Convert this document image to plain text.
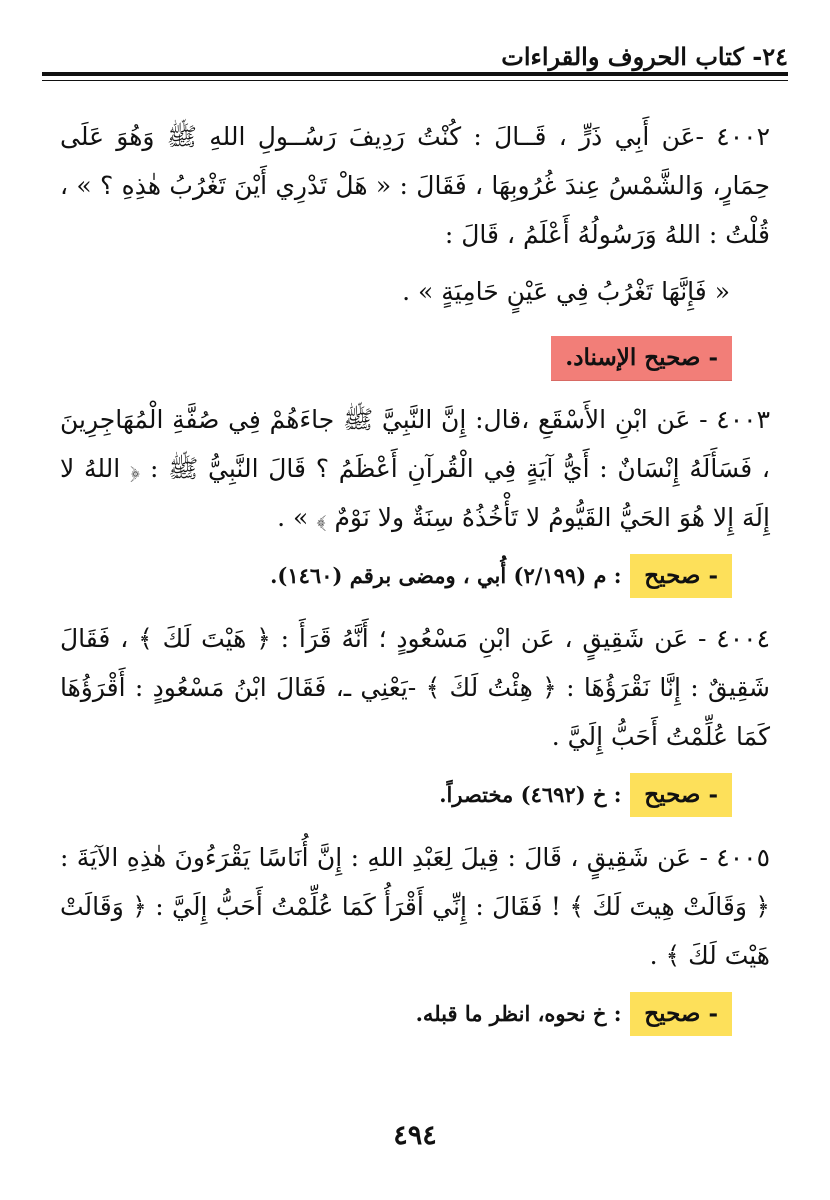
٢٤- كتاب الحروف والقراءات

٤٠٠٢ -عَن أَبِي ذَرٍّ ، قَــالَ : كُنْتُ رَدِيفَ رَسُــولِ اللهِ ﷺ وَهُوَ عَلَى حِمَارٍ، وَالشَّمْسُ عِندَ غُرُوبِهَا ، فَقَالَ : « هَلْ تَدْرِي أَيْنَ تَغْرُبُ هٰذِهِ ؟ » ، قُلْتُ : اللهُ وَرَسُولُهُ أَعْلَمُ ، قَالَ :

« فَإِنَّهَا تَغْرُبُ فِي عَيْنٍ حَامِيَةٍ » .

- صحيح الإسناد.

٤٠٠٣ - عَن ابْنِ الأَسْقَعِ ،قال: إِنَّ النَّبِيَّ ﷺ جاءَهُمْ فِي صُفَّةِ الْمُهَاجِرِينَ ، فَسَأَلَهُ إِنْسَانٌ : أَيُّ آيَةٍ فِي الْقُرآنِ أَعْظَمُ ؟ قَالَ النَّبِيُّ ﷺ : ﴿ اللهُ لا إِلَهَ إِلا هُوَ الحَيُّ القَيُّومُ لا تَأْخُذُهُ سِنَةٌ ولا نَوْمٌ ﴾ » .

- صحيح : م (٢/١٩٩) أُبي ، ومضى برقم (١٤٦٠).

٤٠٠٤ - عَن شَقِيقٍ ، عَن ابْنِ مَسْعُودٍ ؛ أَنَّهُ قَرَأَ : ﴿ هَيْتَ لَكَ ﴾ ، فَقَالَ شَقِيقٌ : إِنَّا نَقْرَؤُهَا : ﴿ هِئْتُ لَكَ ﴾ -يَعْنِي ـ، فَقَالَ ابْنُ مَسْعُودٍ : أَقْرَؤُهَا كَمَا عُلِّمْتُ أَحَبُّ إِلَيَّ .

- صحيح : خ (٤٦٩٢) مختصراً.

٤٠٠٥ - عَن شَقِيقٍ ، قَالَ : قِيلَ لِعَبْدِ اللهِ : إِنَّ أُنَاسًا يَقْرَءُونَ هٰذِهِ الآيَةَ : ﴿ وَقَالَتْ هِيتَ لَكَ ﴾ ! فَقَالَ : إِنِّي أَقْرَأُ كَمَا عُلِّمْتُ أَحَبُّ إِلَيَّ : ﴿ وَقَالَتْ هَيْتَ لَكَ ﴾ .

- صحيح : خ نحوه، انظر ما قبله.
٤٩٤
